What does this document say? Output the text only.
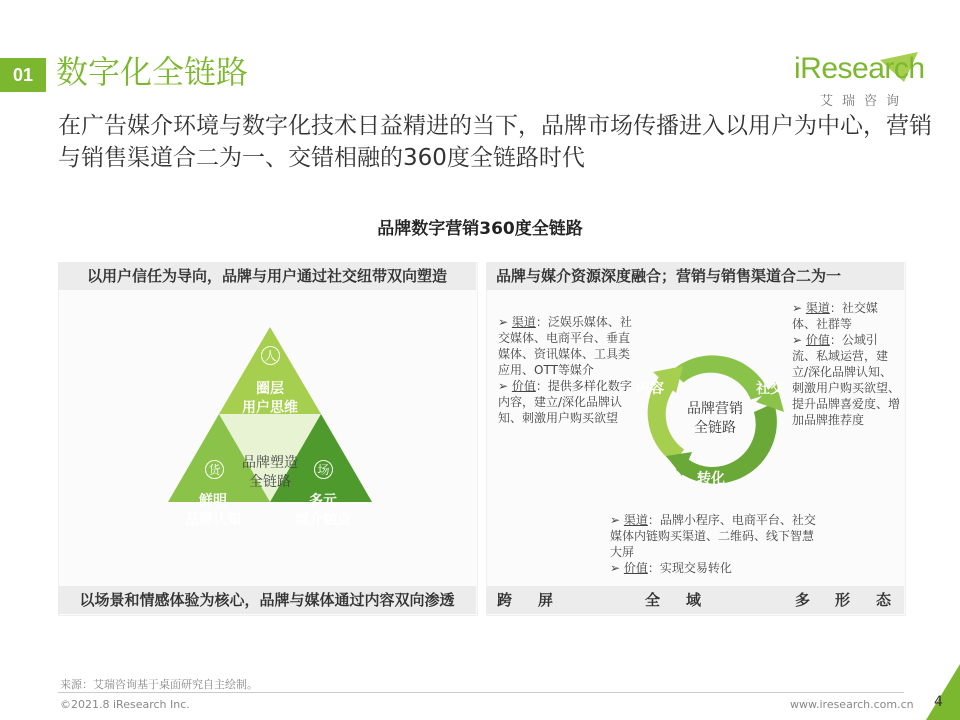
01 数字化全链路	iResearch
艾瑞咨询
在广告媒介环境与数字化技术日益精进的当下，品牌市场传播进入以用户为中心，营销与销售渠道合二为一、交错相融的360度全链路时代
品牌数字营销360度全链路
以用户信任为导向，品牌与用户通过社交纽带双向塑造
以场景和情感体验为核心，品牌与媒体通过内容双向渗透
人
圈层
用户思维
品牌塑造
全链路
货
鲜明
品牌认知
场
多元
媒介触点
品牌与媒介资源深度融合；营销与销售渠道合二为一
跨 屏	全 域	多 形 态
品牌营销
全链路
内容	社交
转化
➢ 渠道：泛娱乐媒体、社交媒体、电商平台、垂直媒体、资讯媒体、工具类应用、OTT等媒介
➢ 价值：提供多样化数字内容，建立/深化品牌认知、刺激用户购买欲望
➢ 渠道：社交媒体、社群等
➢ 价值：公域引流、私域运营，建立/深化品牌认知、刺激用户购买欲望、提升品牌喜爱度、增加品牌推荐度
➢ 渠道：品牌小程序、电商平台、社交媒体内链购买渠道、二维码、线下智慧大屏
➢ 价值：实现交易转化
来源：艾瑞咨询基于桌面研究自主绘制。
©2021.8 iResearch Inc.	www.iresearch.com.cn 4
